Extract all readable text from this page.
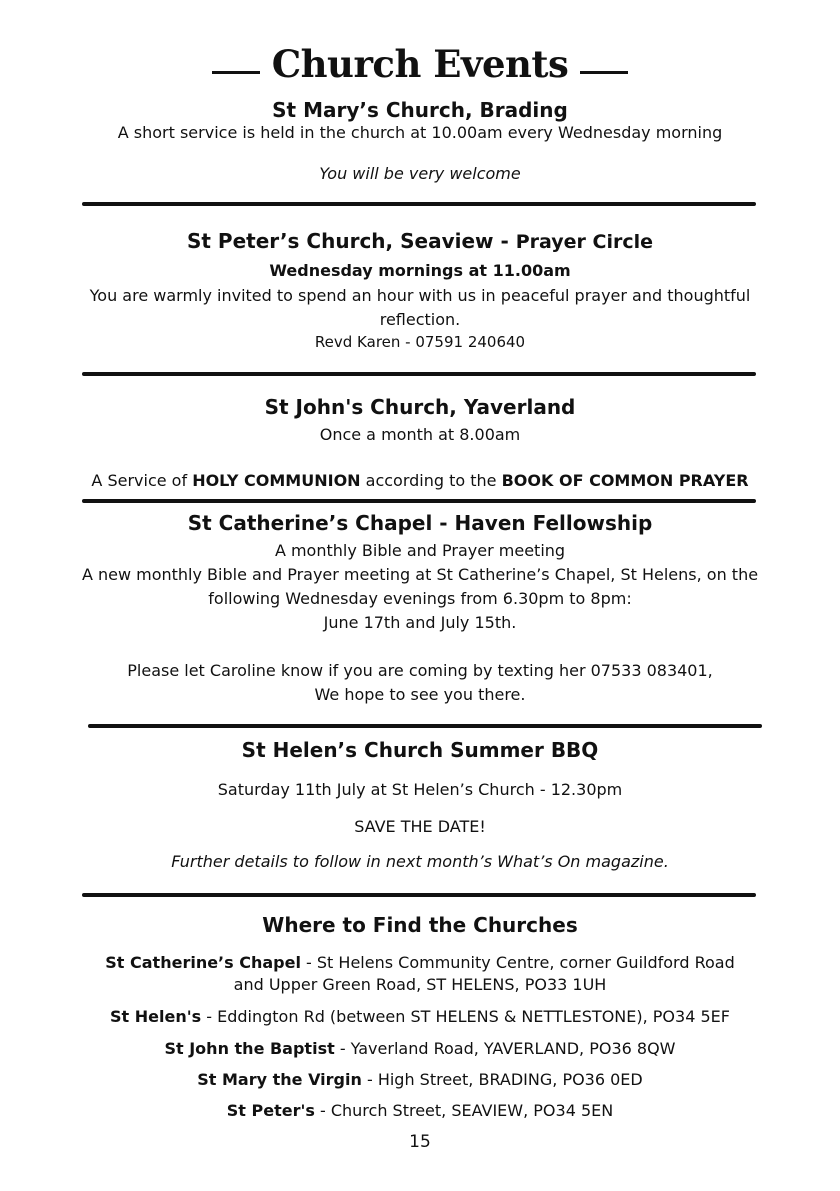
Church Events
St Mary’s Church, Brading
A short service is held in the church at 10.00am every Wednesday morning
You will be very welcome
St Peter’s Church, Seaview - Prayer Circle
Wednesday mornings at 11.00am
You are warmly invited to spend an hour with us in peaceful prayer and thoughtful
reflection.
Revd Karen - 07591 240640
St John's Church, Yaverland
Once a month at 8.00am
A Service of HOLY COMMUNION according to the BOOK OF COMMON PRAYER
St Catherine’s Chapel - Haven Fellowship
A monthly Bible and Prayer meeting
A new monthly Bible and Prayer meeting at St Catherine’s Chapel, St Helens, on the
following Wednesday evenings from 6.30pm to 8pm:
June 17th and July 15th.
Please let Caroline know if you are coming by texting her 07533 083401,
We hope to see you there.
St Helen’s Church Summer BBQ
Saturday 11th July at St Helen’s Church - 12.30pm
SAVE THE DATE!
Further details to follow in next month’s What’s On magazine.
Where to Find the Churches
St Catherine’s Chapel - St Helens Community Centre, corner Guildford Road
and Upper Green Road, ST HELENS, PO33 1UH
St Helen's - Eddington Rd (between ST HELENS & NETTLESTONE), PO34 5EF
St John the Baptist - Yaverland Road, YAVERLAND, PO36 8QW
St Mary the Virgin - High Street, BRADING, PO36 0ED
St Peter's - Church Street, SEAVIEW, PO34 5EN
15
